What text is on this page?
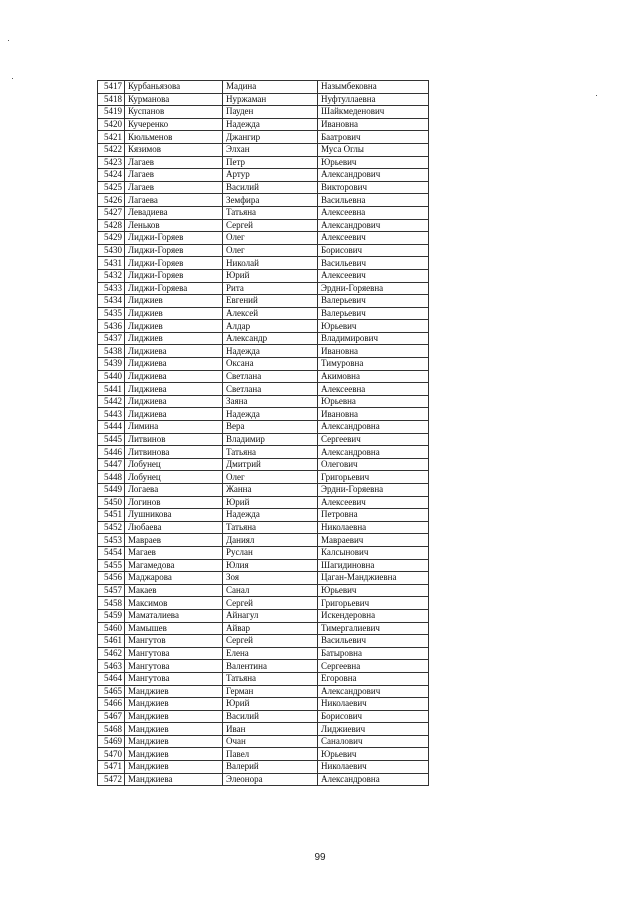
5417	Курбаньязова	Мадина	Назымбековна
5418	Курманова	Нуржаман	Нуфтуллаевна
5419	Куспанов	Пауден	Шайкмеденович
5420	Кучеренко	Надежда	Ивановна
5421	Кюльменов	Джангир	Баатрович
5422	Кязимов	Элхан	Муса Оглы
5423	Лагаев	Петр	Юрьевич
5424	Лагаев	Артур	Александрович
5425	Лагаев	Василий	Викторович
5426	Лагаева	Земфира	Васильевна
5427	Левадиева	Татьяна	Алексеевна
5428	Леньков	Сергей	Александрович
5429	Лиджи-Горяев	Олег	Алексеевич
5430	Лиджи-Горяев	Олег	Борисович
5431	Лиджи-Горяев	Николай	Васильевич
5432	Лиджи-Горяев	Юрий	Алексеевич
5433	Лиджи-Горяева	Рита	Эрдни-Горяевна
5434	Лиджиев	Евгений	Валерьевич
5435	Лиджиев	Алексей	Валерьевич
5436	Лиджиев	Алдар	Юрьевич
5437	Лиджиев	Александр	Владимирович
5438	Лиджиева	Надежда	Ивановна
5439	Лиджиева	Оксана	Тимуровна
5440	Лиджиева	Светлана	Акимовна
5441	Лиджиева	Светлана	Алексеевна
5442	Лиджиева	Заяна	Юрьевна
5443	Лиджиева	Надежда	Ивановна
5444	Лимина	Вера	Александровна
5445	Литвинов	Владимир	Сергеевич
5446	Литвинова	Татьяна	Александровна
5447	Лобунец	Дмитрий	Олегович
5448	Лобунец	Олег	Григорьевич
5449	Логаева	Жанна	Эрдни-Горяевна
5450	Логинов	Юрий	Алексеевич
5451	Лушникова	Надежда	Петровна
5452	Любаева	Татьяна	Николаевна
5453	Мавраев	Даниял	Мавраевич
5454	Магаев	Руслан	Калсынович
5455	Магамедова	Юлия	Шагидиновна
5456	Маджарова	Зоя	Цаган-Манджиевна
5457	Макаев	Санал	Юрьевич
5458	Максимов	Сергей	Григорьевич
5459	Маматалиева	Айнагул	Искендеровна
5460	Мамышев	Айвар	Тимергалиевич
5461	Мангутов	Сергей	Васильевич
5462	Мангутова	Елена	Батыровна
5463	Мангутова	Валентина	Сергеевна
5464	Мангутова	Татьяна	Егоровна
5465	Манджиев	Герман	Александрович
5466	Манджиев	Юрий	Николаевич
5467	Манджиев	Василий	Борисович
5468	Манджиев	Иван	Лиджиевич
5469	Манджиев	Очан	Саналович
5470	Манджиев	Павел	Юрьевич
5471	Манджиев	Валерий	Николаевич
5472	Манджиева	Элеонора	Александровна
99
